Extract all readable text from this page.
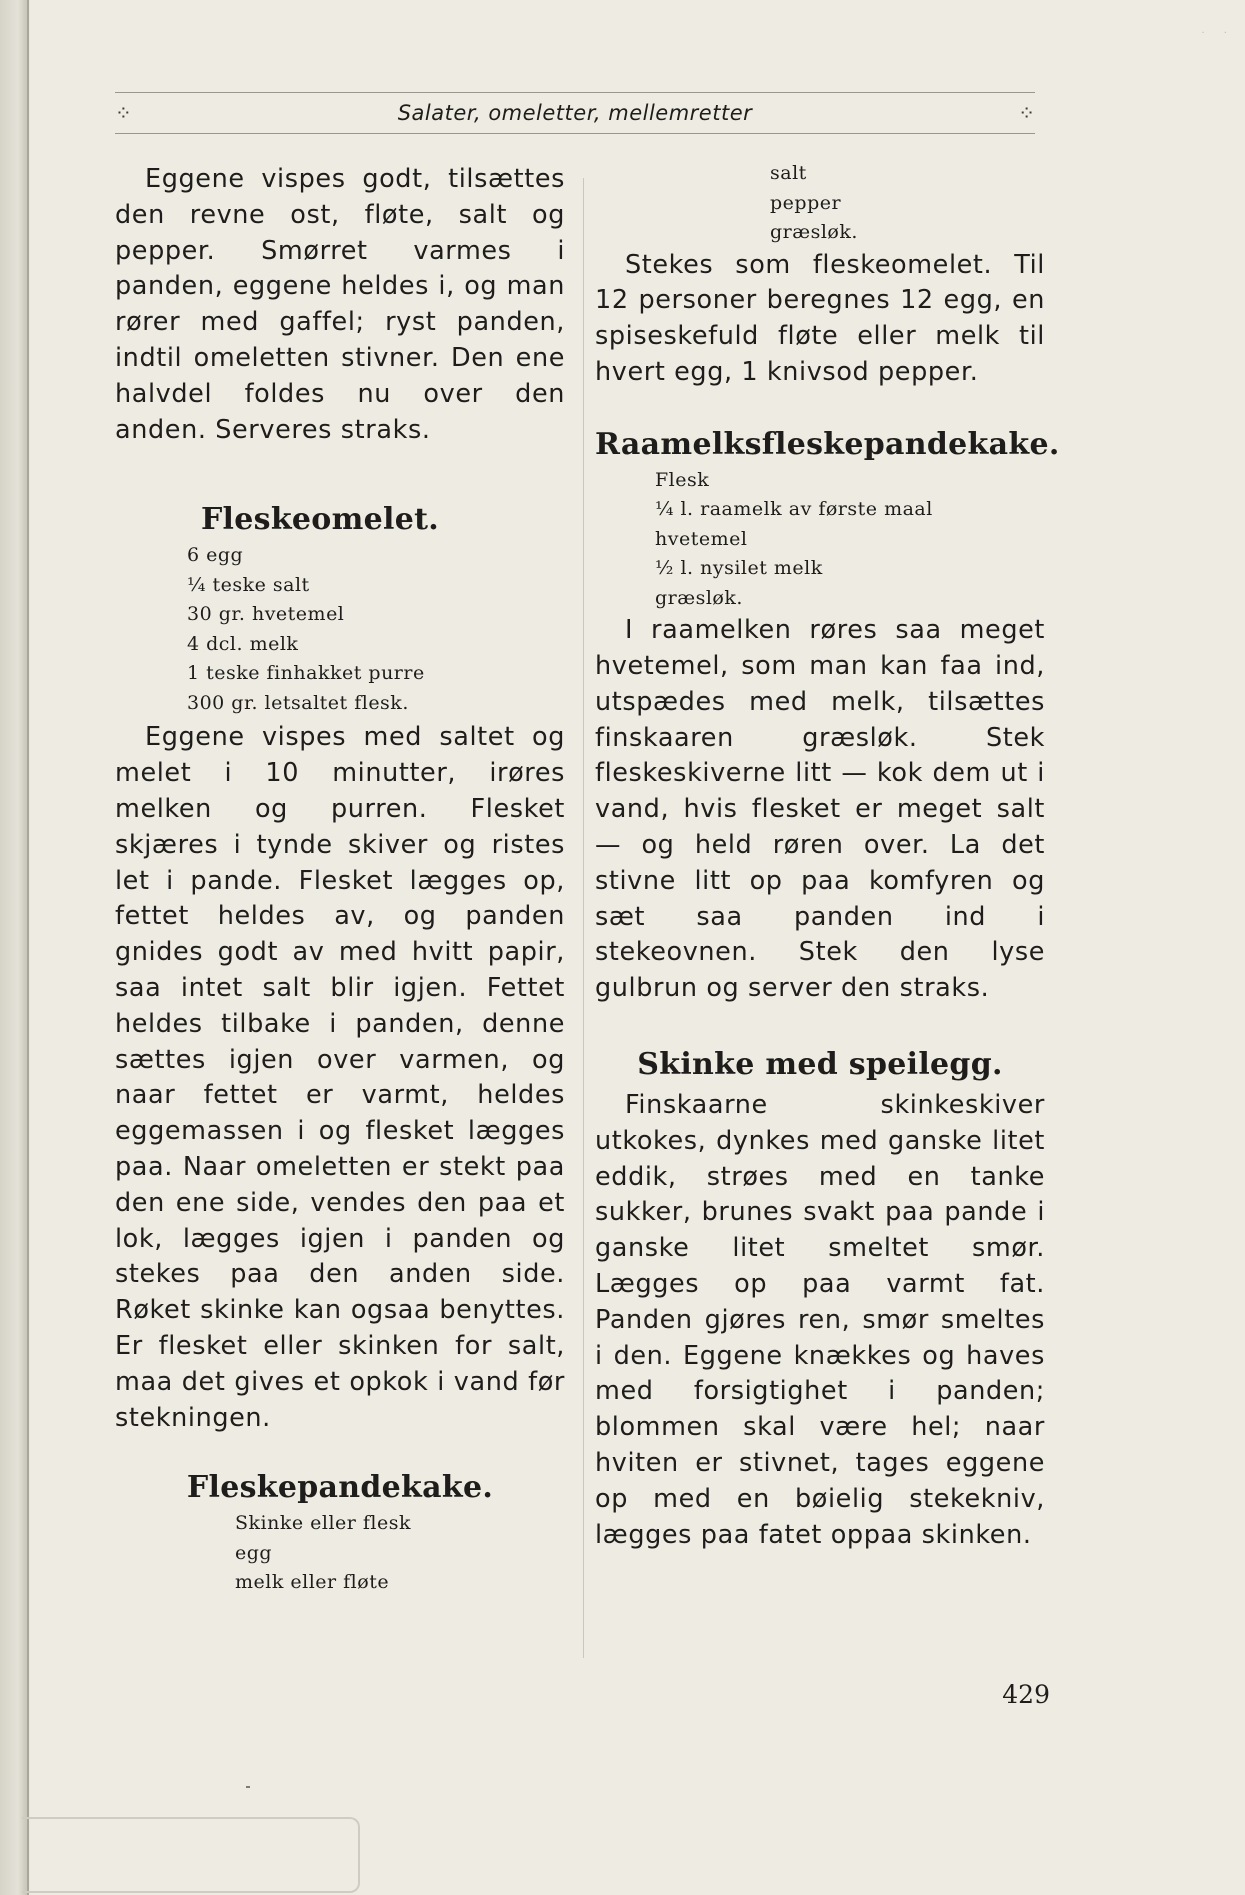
· ·
⁘	Salater, omeletter, mellemretter	⁘

Eggene vispes godt, tilsættes den revne ost, fløte, salt og pepper. Smørret varmes i panden, eggene heldes i, og man rører med gaffel; ryst panden, indtil omeletten stivner. Den ene halvdel foldes nu over den anden. Serveres straks.

Fleskeomelet.
6 egg
¼ teske salt
30 gr. hvetemel
4 dcl. melk
1 teske finhakket purre
300 gr. letsaltet flesk.

Eggene vispes med saltet og melet i 10 minutter, irøres melken og purren. Flesket skjæres i tynde skiver og ristes let i pande. Flesket lægges op, fettet heldes av, og panden gnides godt av med hvitt papir, saa intet salt blir igjen. Fettet heldes tilbake i panden, denne sættes igjen over varmen, og naar fettet er varmt, heldes eggemassen i og flesket lægges paa. Naar omeletten er stekt paa den ene side, vendes den paa et lok, lægges igjen i panden og stekes paa den anden side. Røket skinke kan ogsaa benyttes. Er flesket eller skinken for salt, maa det gives et opkok i vand før stekningen.

Fleskepandekake.
Skinke eller flesk
egg
melk eller fløte
salt
pepper
græsløk.

Stekes som fleskeomelet. Til 12 personer beregnes 12 egg, en spiseskefuld fløte eller melk til hvert egg, 1 knivsod pepper.

Raamelksfleskepandekake.
Flesk
¼ l. raamelk av første maal
hvetemel
½ l. nysilet melk
græsløk.

I raamelken røres saa meget hvetemel, som man kan faa ind, utspædes med melk, tilsættes finskaaren græsløk. Stek fleskeskiverne litt — kok dem ut i vand, hvis flesket er meget salt — og held røren over. La det stivne litt op paa komfyren og sæt saa panden ind i stekeovnen. Stek den lyse gulbrun og server den straks.

Skinke med speilegg.

Finskaarne skinkeskiver utkokes, dynkes med ganske litet eddik, strøes med en tanke sukker, brunes svakt paa pande i ganske litet smeltet smør. Lægges op paa varmt fat. Panden gjøres ren, smør smeltes i den. Eggene knækkes og haves med forsigtighet i panden; blommen skal være hel; naar hviten er stivnet, tages eggene op med en bøielig stekekniv, lægges paa fatet oppaa skinken.

429
